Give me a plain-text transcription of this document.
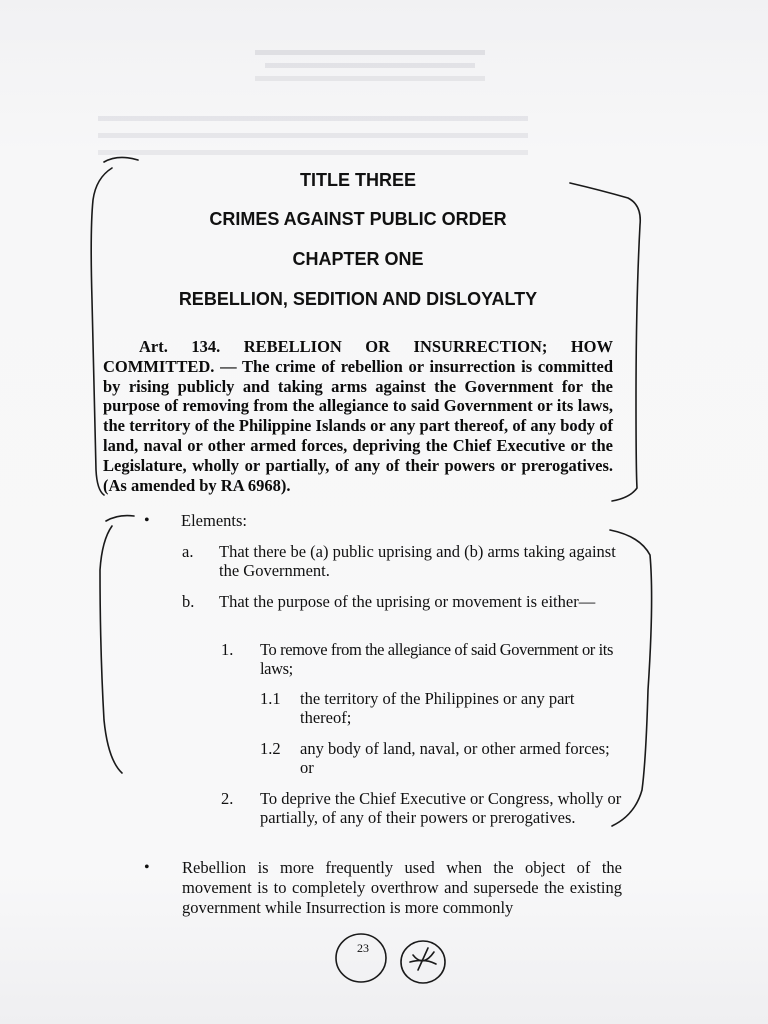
TITLE THREE
CRIMES AGAINST PUBLIC ORDER
CHAPTER ONE
REBELLION, SEDITION AND DISLOYALTY
Art. 134. REBELLION OR INSURRECTION; HOW COMMITTED. — The crime of rebellion or insurrection is committed by rising publicly and taking arms against the Government for the purpose of removing from the allegiance to said Government or its laws, the territory of the Philippine Islands or any part thereof, of any body of land, naval or other armed forces, depriving the Chief Executive or the Legislature, wholly or partially, of any of their powers or prerogatives. (As amended by RA 6968).
• Elements:
a. That there be (a) public uprising and (b) arms taking against the Government.
b. That the purpose of the uprising or movement is either—
1. To remove from the allegiance of said Government or its laws;
1.1 the territory of the Philippines or any part thereof;
1.2 any body of land, naval, or other armed forces; or
2. To deprive the Chief Executive or Congress, wholly or partially, of any of their powers or prerogatives.
• Rebellion is more frequently used when the object of the movement is to completely overthrow and supersede the existing government while Insurrection is more commonly
23
